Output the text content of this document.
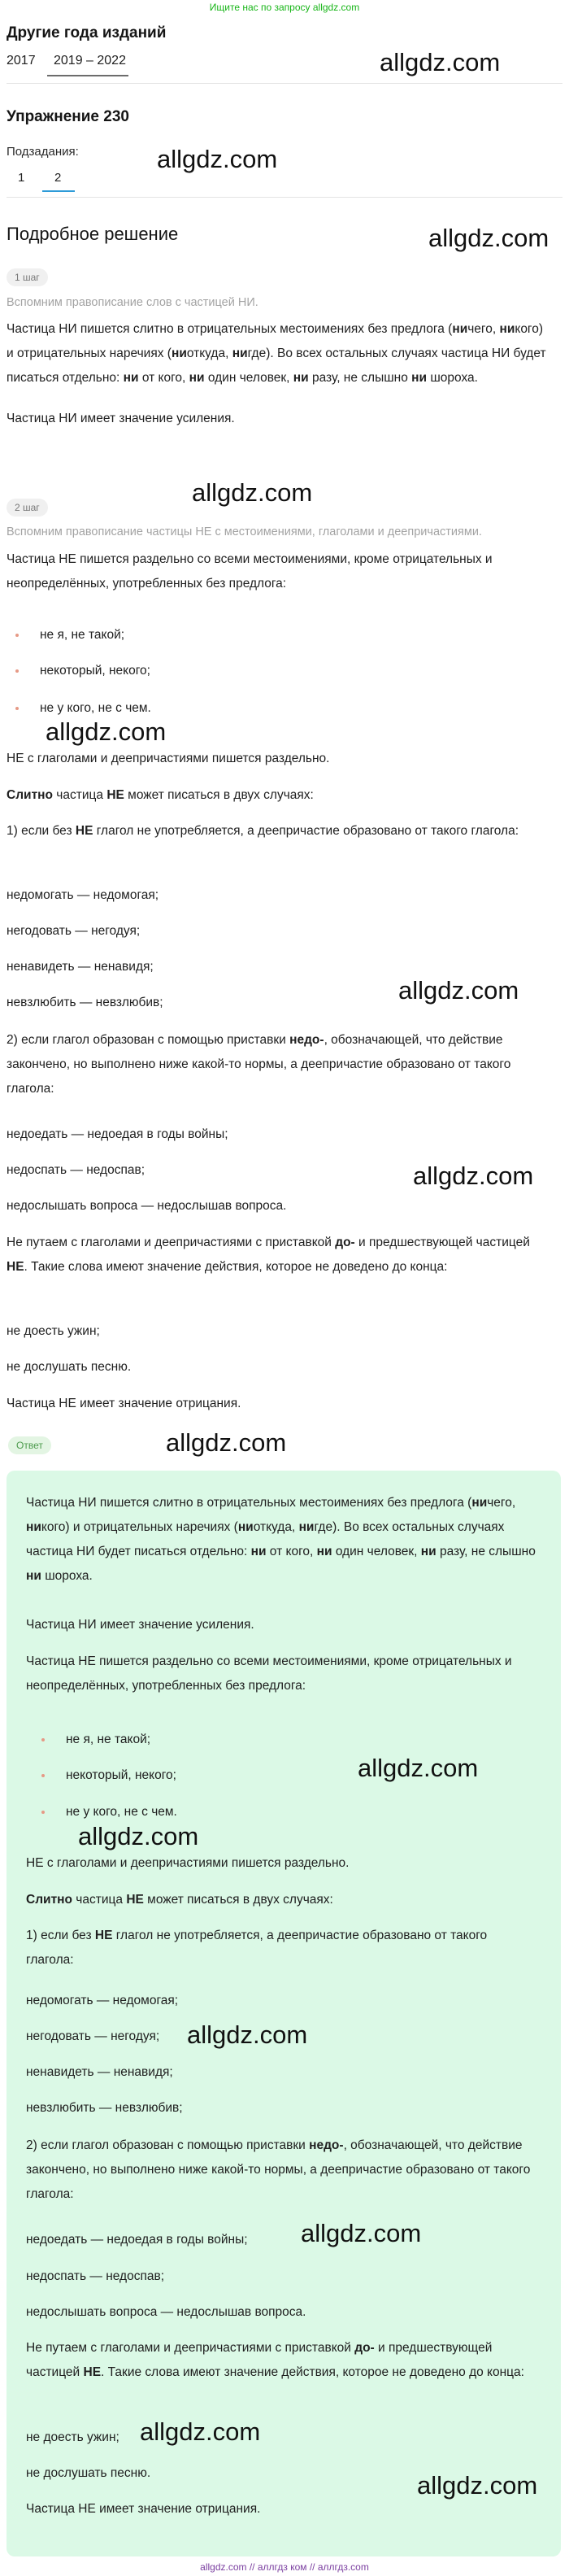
Ищите нас по запросу allgdz.com
Другие года изданий
2017 2019 – 2022	allgdz.com
Упражнение 230
Подзадания:
1 2
allgdz.com
Подробное решение	allgdz.com
1 шаг
Вспомним правописание слов с частицей НИ.
Частица НИ пишется слитно в отрицательных местоимениях без предлога (ничего, никого) и отрицательных наречиях (ниоткуда, нигде). Во всех остальных случаях частица НИ будет писаться отдельно: ни от кого, ни один человек, ни разу, не слышно ни шороха.
Частица НИ имеет значение усиления.
allgdz.com
2 шаг
Вспомним правописание частицы НЕ с местоимениями, глаголами и деепричастиями.
Частица НЕ пишется раздельно со всеми местоимениями, кроме отрицательных и неопределённых, употребленных без предлога:
не я, не такой;
некоторый, некого;
не у кого, не с чем.
allgdz.com
НЕ с глаголами и деепричастиями пишется раздельно.
Слитно частица НЕ может писаться в двух случаях:
1) если без НЕ глагол не употребляется, а деепричастие образовано от такого глагола:
недомогать — недомогая;
негодовать — негодуя;
ненавидеть — ненавидя;
невзлюбить — невзлюбив;	allgdz.com
2) если глагол образован с помощью приставки недо-, обозначающей, что действие закончено, но выполнено ниже какой-то нормы, а деепричастие образовано от такого глагола:
недоедать — недоедая в годы войны;
allgdz.com
недоспать — недоспав;
недослышать вопроса — недослышав вопроса.
Не путаем с глаголами и деепричастиями с приставкой до- и предшествующей частицей НЕ. Такие слова имеют значение действия, которое не доведено до конца:
не доесть ужин;
не дослушать песню.
Частица НЕ имеет значение отрицания.
Ответ	allgdz.com
Частица НИ пишется слитно в отрицательных местоимениях без предлога (ничего, никого) и отрицательных наречиях (ниоткуда, нигде). Во всех остальных случаях частица НИ будет писаться отдельно: ни от кого, ни один человек, ни разу, не слышно ни шороха.
Частица НИ имеет значение усиления.
Частица НЕ пишется раздельно со всеми местоимениями, кроме отрицательных и неопределённых, употребленных без предлога:
не я, не такой;
некоторый, некого;
не у кого, не с чем.
allgdz.com
allgdz.com
НЕ с глаголами и деепричастиями пишется раздельно.
Слитно частица НЕ может писаться в двух случаях:
1) если без НЕ глагол не употребляется, а деепричастие образовано от такого глагола:
недомогать — недомогая;
негодовать — негодуя;	allgdz.com
ненавидеть — ненавидя;
невзлюбить — невзлюбив;
2) если глагол образован с помощью приставки недо-, обозначающей, что действие закончено, но выполнено ниже какой-то нормы, а деепричастие образовано от такого глагола:
недоедать — недоедая в годы войны;	allgdz.com
недоспать — недоспав;
недослышать вопроса — недослышав вопроса.
Не путаем с глаголами и деепричастиями с приставкой до- и предшествующей частицей НЕ. Такие слова имеют значение действия, которое не доведено до конца:
не доесть ужин; allgdz.com
не дослушать песню.
Частица НЕ имеет значение отрицания.
allgdz.com
allgdz.com // аллгдз ком // аллгдз.com
